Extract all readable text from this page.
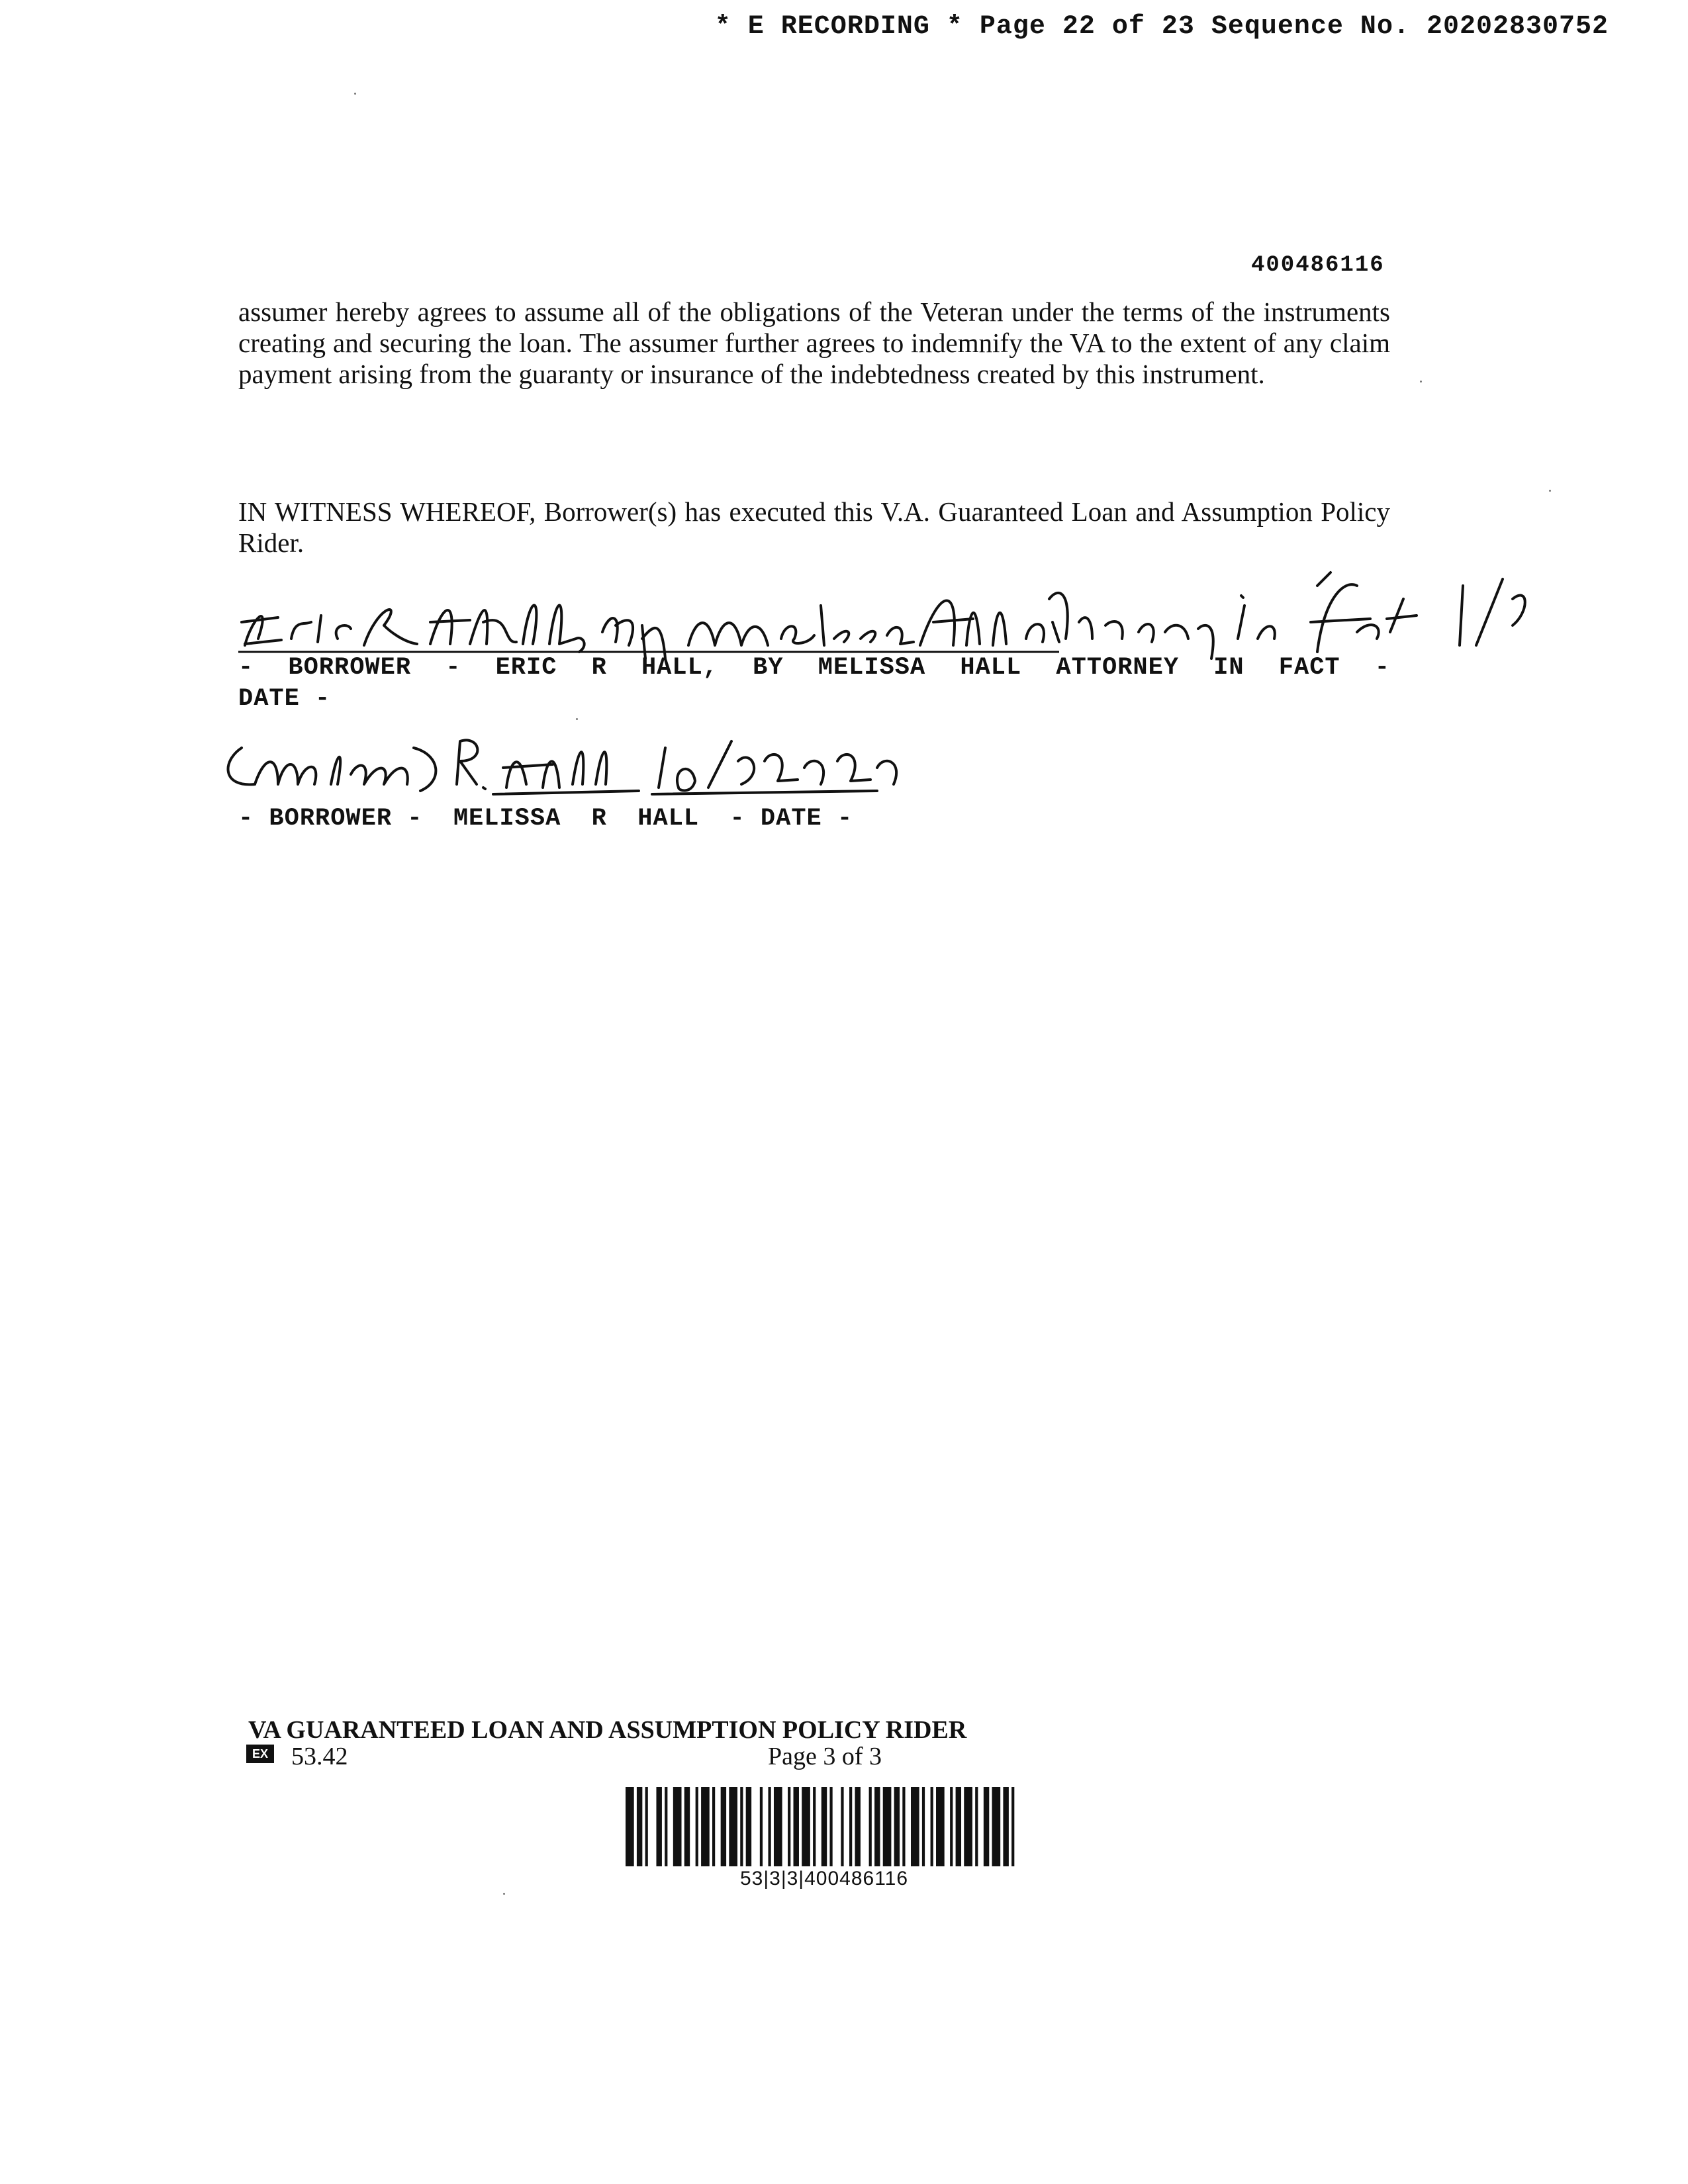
* E RECORDING * Page 22 of 23 Sequence No. 20202830752
400486116
assumer hereby agrees to assume all of the obligations of the Veteran under the terms of the instruments creating and securing the loan. The assumer further agrees to indemnify the VA to the extent of any claim payment arising from the guaranty or insurance of the indebtedness created by this instrument.
IN WITNESS WHEREOF, Borrower(s) has executed this V.A. Guaranteed Loan and Assumption Policy Rider.
- BORROWER - ERIC R HALL, BY MELISSA HALL ATTORNEY IN FACT -
DATE -
- BORROWER -  MELISSA  R  HALL  - DATE -
VA GUARANTEED LOAN AND ASSUMPTION POLICY RIDER
EX 53.42	Page 3 of 3
53|3|3|400486116
